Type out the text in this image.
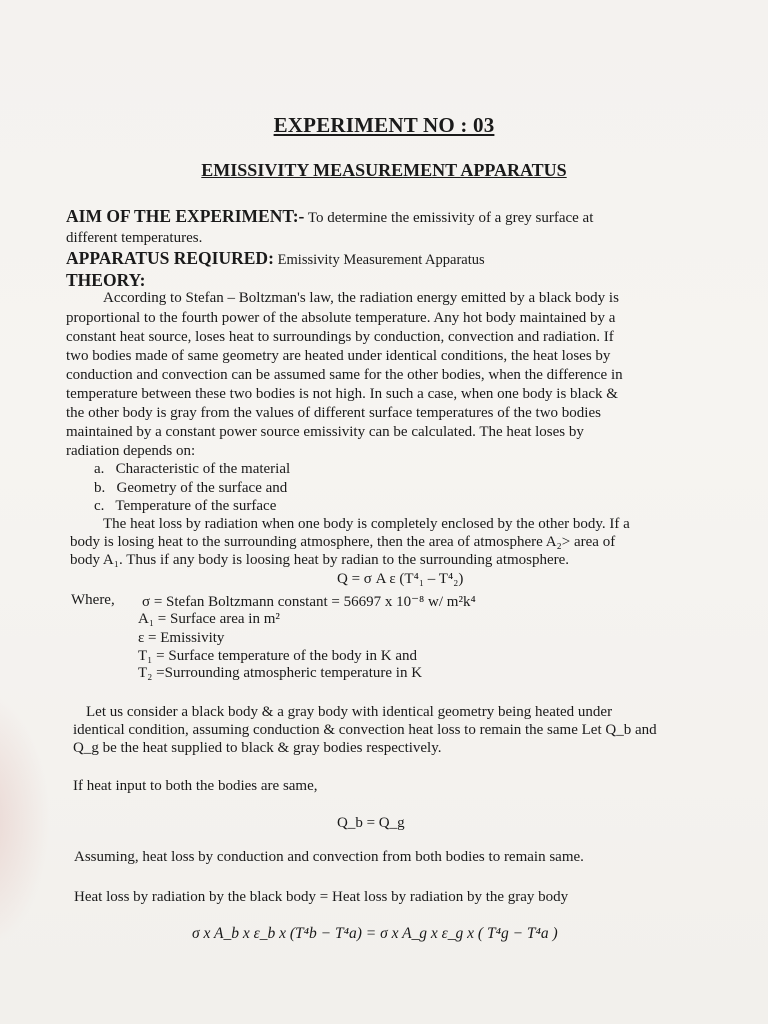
EXPERIMENT NO : 03
EMISSIVITY MEASUREMENT APPARATUS
AIM OF THE EXPERIMENT:- To determine the emissivity of a grey surface at
different temperatures.
APPARATUS REQIURED: Emissivity Measurement Apparatus
THEORY:
According to Stefan – Boltzman's law, the radiation energy emitted by a black body is
proportional to the fourth power of the absolute temperature. Any hot body maintained by a
constant heat source, loses heat to surroundings by conduction, convection and radiation. If
two bodies made of same geometry are heated under identical conditions, the heat loses by
conduction and convection can be assumed same for the other bodies, when the difference in
temperature between these two bodies is not high. In such a case, when one body is black &
the other body is gray from the values of different surface temperatures of the two bodies
maintained by a constant power source emissivity can be calculated. The heat loses by
radiation depends on:
a. Characteristic of the material
b. Geometry of the surface and
c. Temperature of the surface
The heat loss by radiation when one body is completely enclosed by the other body. If a
body is losing heat to the surrounding atmosphere, then the area of atmosphere A₂> area of
body A₁. Thus if any body is loosing heat by radian to the surrounding atmosphere.
Q = σ A ε (T⁴₁ – T⁴₂)
Where, σ = Stefan Boltzmann constant = 56697 x 10⁻⁸ w/ m²k⁴
A₁ = Surface area in m²
ε = Emissivity
T₁ = Surface temperature of the body in K and
T₂ =Surrounding atmospheric temperature in K
Let us consider a black body & a gray body with identical geometry being heated under
identical condition, assuming conduction & convection heat loss to remain the same Let Q_b and
Q_g be the heat supplied to black & gray bodies respectively.
If heat input to both the bodies are same,
Q_b = Q_g
Assuming, heat loss by conduction and convection from both bodies to remain same.
Heat loss by radiation by the black body = Heat loss by radiation by the gray body
σ x A_b x ε_b x (T⁴b − T⁴a) = σ x A_g x ε_g x ( T⁴g − T⁴a )
